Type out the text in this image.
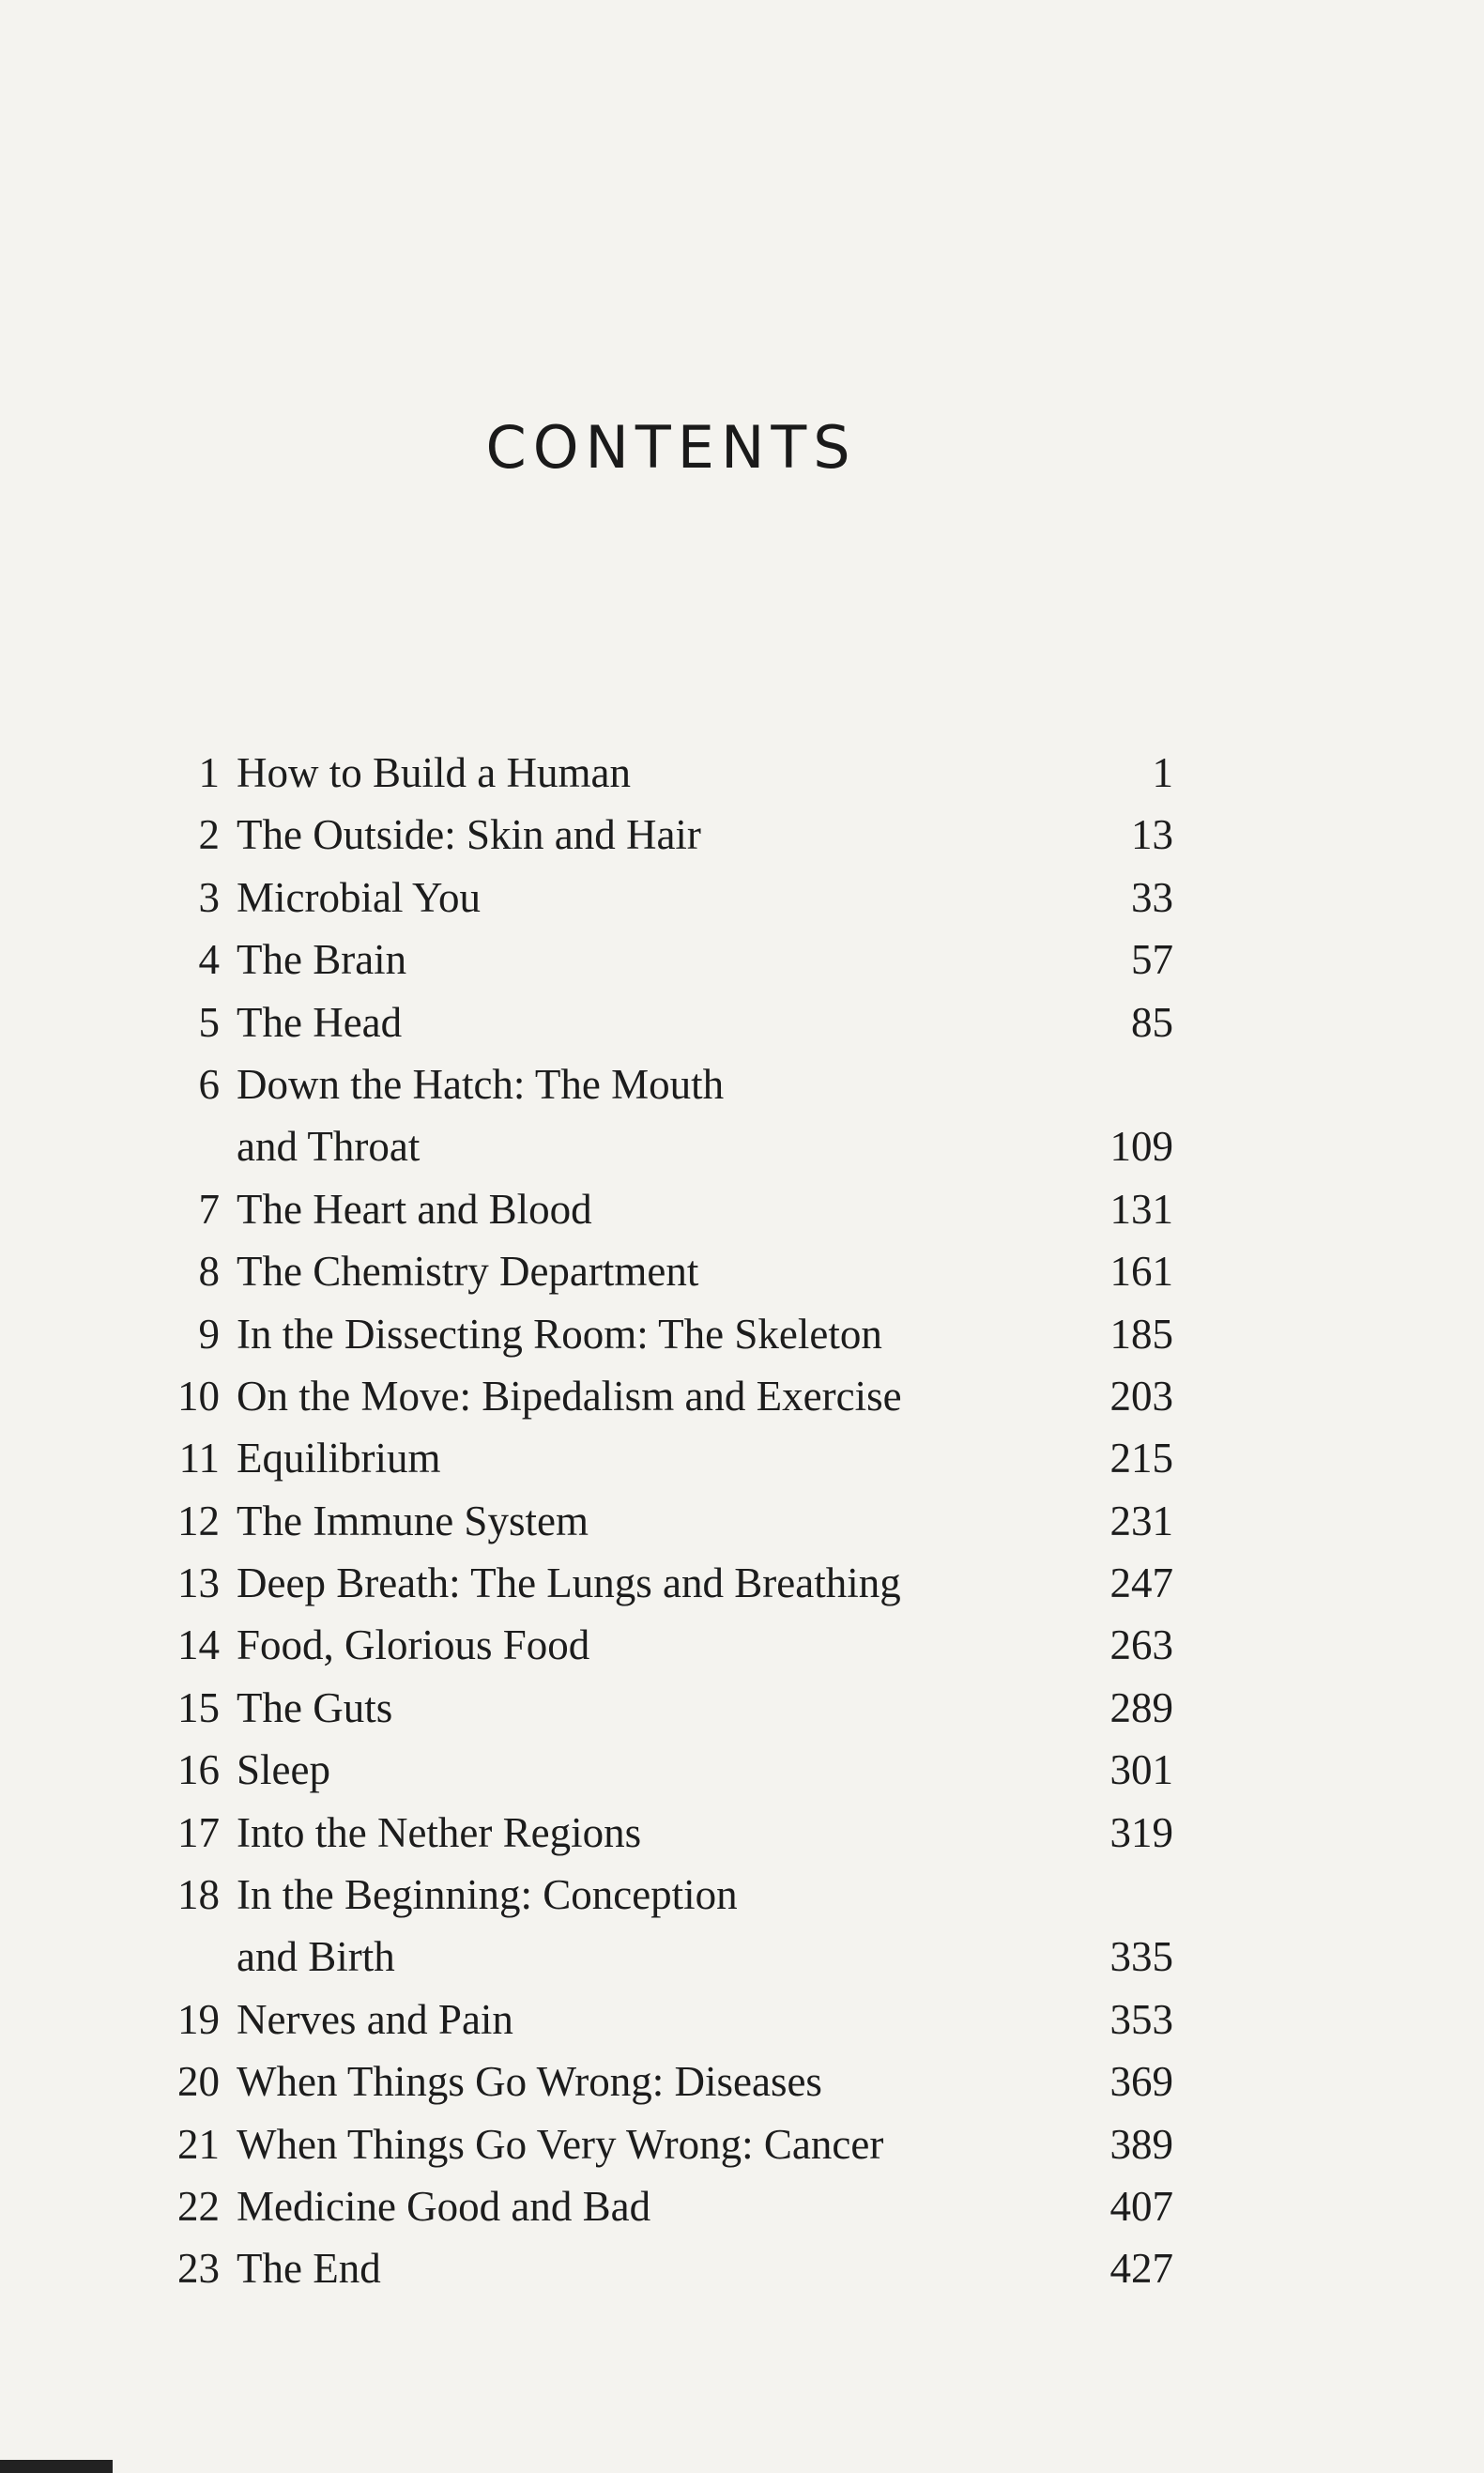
CONTENTS
1 How to Build a Human	1
2 The Outside: Skin and Hair	13
3 Microbial You	33
4 The Brain	57
5 The Head	85
6 Down the Hatch: The Mouth
and Throat	109
7 The Heart and Blood	131
8 The Chemistry Department	161
9 In the Dissecting Room: The Skeleton	185
10 On the Move: Bipedalism and Exercise	203
11 Equilibrium	215
12 The Immune System	231
13 Deep Breath: The Lungs and Breathing	247
14 Food, Glorious Food	263
15 The Guts	289
16 Sleep	301
17 Into the Nether Regions	319
18 In the Beginning: Conception
and Birth	335
19 Nerves and Pain	353
20 When Things Go Wrong: Diseases	369
21 When Things Go Very Wrong: Cancer	389
22 Medicine Good and Bad	407
23 The End	427
